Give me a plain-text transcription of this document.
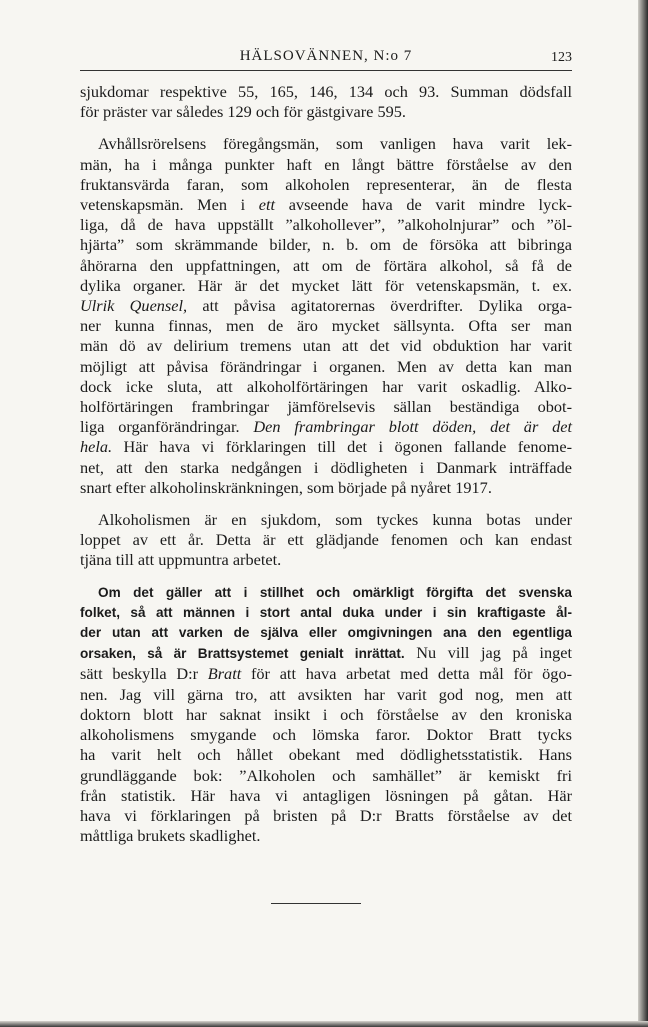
HÄLSOVÄNNEN, N:o 7	123
sjukdomar respektive 55, 165, 146, 134 och 93. Summan dödsfall
för präster var således 129 och för gästgivare 595.
Avhållsrörelsens föregångsmän, som vanligen hava varit lek-
män, ha i många punkter haft en långt bättre förståelse av den
fruktansvärda faran, som alkoholen representerar, än de flesta
vetenskapsmän. Men i ett avseende hava de varit mindre lyck-
liga, då de hava uppställt ”alkohollever”, ”alkoholnjurar” och ”öl-
hjärta” som skrämmande bilder, n. b. om de försöka att bibringa
åhörarna den uppfattningen, att om de förtära alkohol, så få de
dylika organer. Här är det mycket lätt för vetenskapsmän, t. ex.
Ulrik Quensel, att påvisa agitatorernas överdrifter. Dylika orga-
ner kunna finnas, men de äro mycket sällsynta. Ofta ser man
män dö av delirium tremens utan att det vid obduktion har varit
möjligt att påvisa förändringar i organen. Men av detta kan man
dock icke sluta, att alkoholförtäringen har varit oskadlig. Alko-
holförtäringen frambringar jämförelsevis sällan beständiga obot-
liga organförändringar. Den frambringar blott döden, det är det
hela. Här hava vi förklaringen till det i ögonen fallande fenome-
net, att den starka nedgången i dödligheten i Danmark inträffade
snart efter alkoholinskränkningen, som började på nyåret 1917.
Alkoholismen är en sjukdom, som tyckes kunna botas under
loppet av ett år. Detta är ett glädjande fenomen och kan endast
tjäna till att uppmuntra arbetet.
Om det gäller att i stillhet och omärkligt förgifta det svenska
folket, så att männen i stort antal duka under i sin kraftigaste ål-
der utan att varken de själva eller omgivningen ana den egentliga
orsaken, så är Brattsystemet genialt inrättat. Nu vill jag på inget
sätt beskylla D:r Bratt för att hava arbetat med detta mål för ögo-
nen. Jag vill gärna tro, att avsikten har varit god nog, men att
doktorn blott har saknat insikt i och förståelse av den kroniska
alkoholismens smygande och lömska faror. Doktor Bratt tycks
ha varit helt och hållet obekant med dödlighetsstatistik. Hans
grundläggande bok: ”Alkoholen och samhället” är kemiskt fri
från statistik. Här hava vi antagligen lösningen på gåtan. Här
hava vi förklaringen på bristen på D:r Bratts förståelse av det
måttliga brukets skadlighet.
